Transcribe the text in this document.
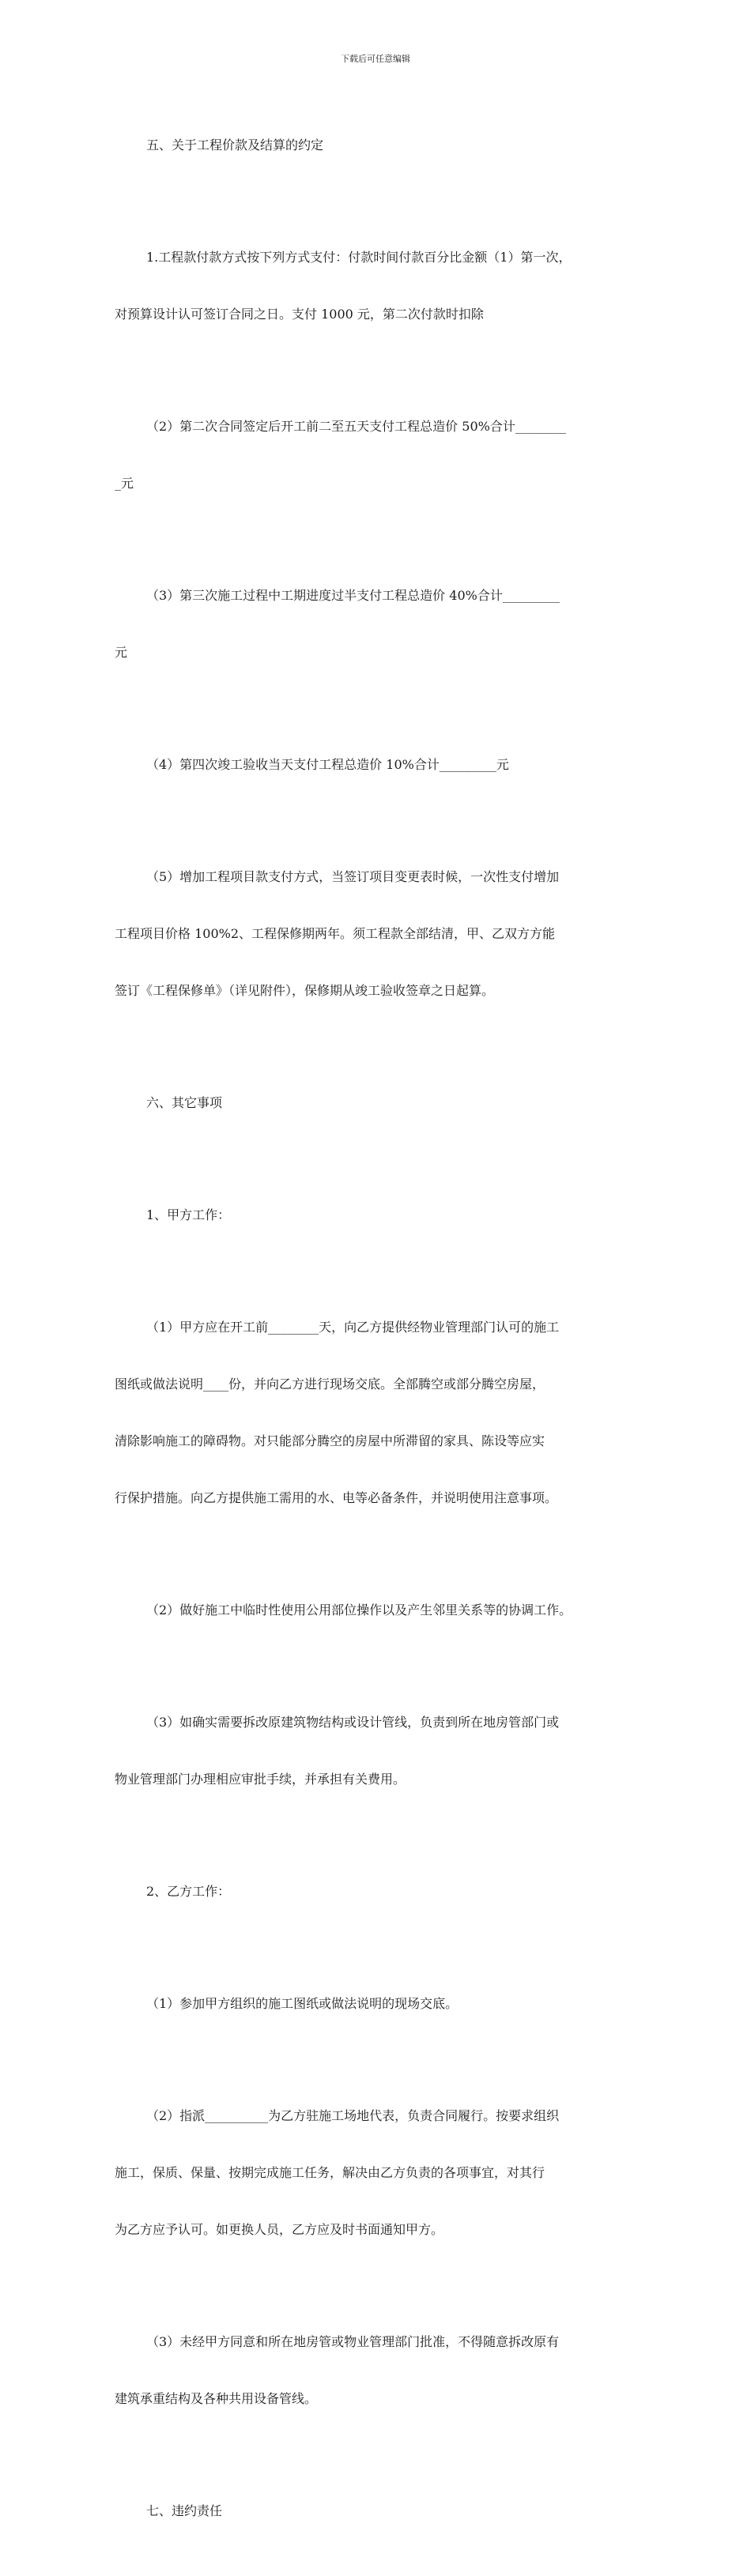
下载后可任意编辑

五、关于工程价款及结算的约定

1.工程款付款方式按下列方式支付：付款时间付款百分比金额（1）第一次，

对预算设计认可签订合同之日。支付 1000 元，第二次付款时扣除

（2）第二次合同签定后开工前二至五天支付工程总造价 50%合计________

_元

（3）第三次施工过程中工期进度过半支付工程总造价 40%合计_________

元

（4）第四次竣工验收当天支付工程总造价 10%合计_________元

（5）增加工程项目款支付方式，当签订项目变更表时候，一次性支付增加

工程项目价格 100%2、工程保修期两年。须工程款全部结清，甲、乙双方方能

签订《工程保修单》（详见附件），保修期从竣工验收签章之日起算。

六、其它事项

1、甲方工作：

（1）甲方应在开工前________天，向乙方提供经物业管理部门认可的施工

图纸或做法说明____份，并向乙方进行现场交底。全部腾空或部分腾空房屋，

清除影响施工的障碍物。对只能部分腾空的房屋中所滞留的家具、陈设等应实

行保护措施。向乙方提供施工需用的水、电等必备条件，并说明使用注意事项。

（2）做好施工中临时性使用公用部位操作以及产生邻里关系等的协调工作。

（3）如确实需要拆改原建筑物结构或设计管线，负责到所在地房管部门或

物业管理部门办理相应审批手续，并承担有关费用。

2、乙方工作：

（1）参加甲方组织的施工图纸或做法说明的现场交底。

（2）指派__________为乙方驻施工场地代表，负责合同履行。按要求组织

施工，保质、保量、按期完成施工任务，解决由乙方负责的各项事宜，对其行

为乙方应予认可。如更换人员，乙方应及时书面通知甲方。

（3）未经甲方同意和所在地房管或物业管理部门批准，不得随意拆改原有

建筑承重结构及各种共用设备管线。

七、违约责任
